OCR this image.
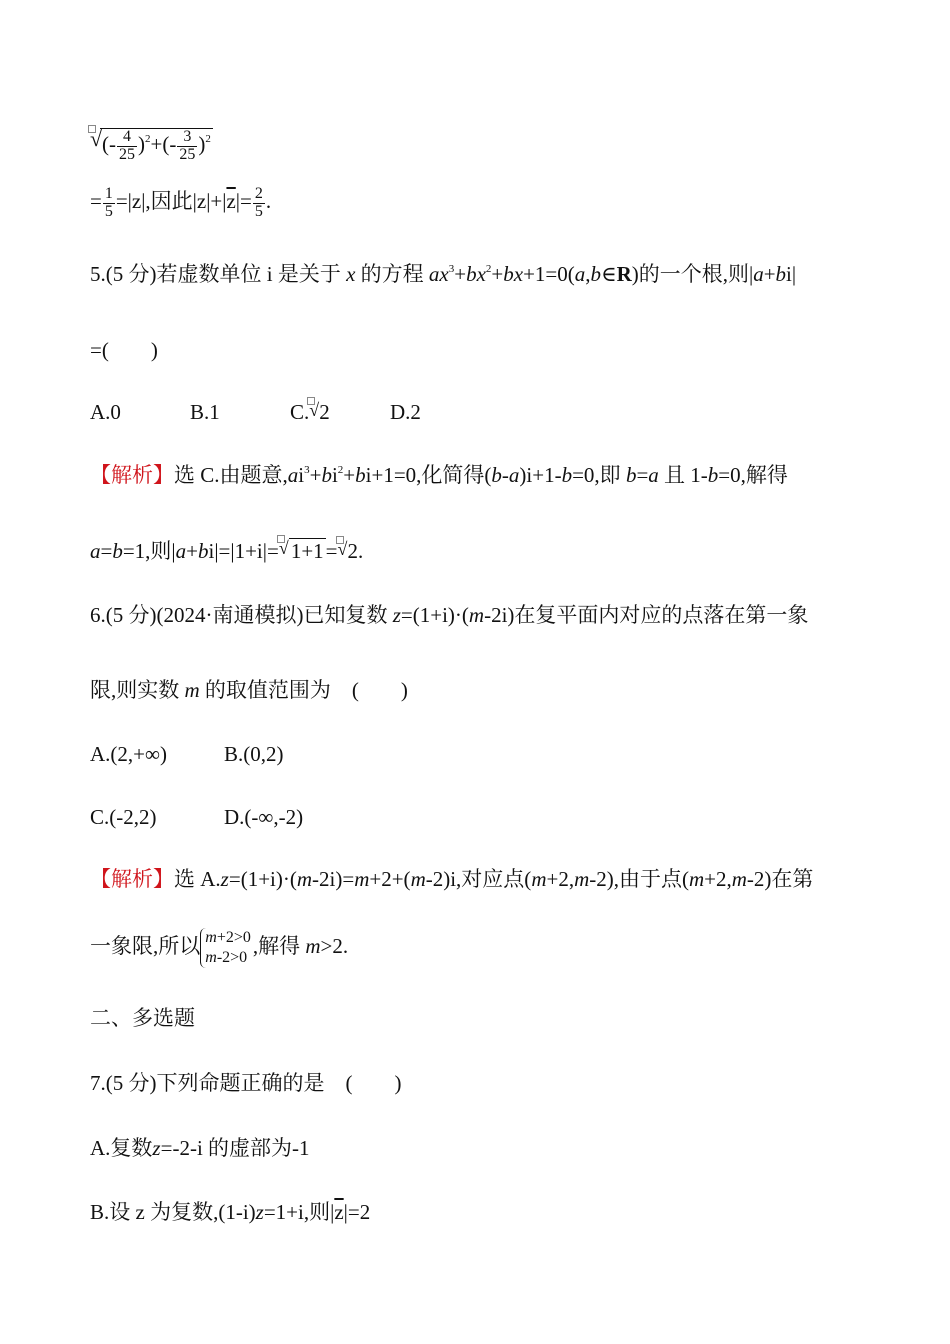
√ (- $\frac{4}{25} )^2+(- \frac{3}{25} )^2$
= $\frac{1}{5} =|z|$,因此$|z|+|\overline{z}|= \frac{2}{5}$ .
5.(5 分)若虚数单位 i 是关于 x 的方程 $ax^3+bx^2+bx+1=0(a,b\in R)$的一个根,则|a+bi|
=(　　)
A.0	B.1	C. √ 2	D.2
【解析】选 C.由题意$,ai^3+bi^2+bi+1=0$,化简得(b-a)i+1-b=0,即 b=a 且 1-b=0,解得
a=b=1,则|a+bi|=|1+i|= √ 1+1= √ 2.
6.(5 分)(2024·南通模拟)已知复数 z=(1+i)·(m-2i)在复平面内对应的点落在第一象
限,则实数 m 的取值范围为　(　　)
A.(2,+∞)	B.(0,2)
C.(-2,2)	D.(-∞,-2)
【解析】选 A.z=(1+i)·(m-2i)=m+2+(m-2)i,对应点(m+2,m-2),由于点(m+2,m-2)在第
一象限,所以 m+2>0
m-2>0 ,解得 m>2.
二、多选题
7.(5 分)下列命题正确的是　(　　)
A.复数z=-2-i 的虚部为-1
B.设 z 为复数,(1-i)z=1+i,则$|\overline{z}|=2$
